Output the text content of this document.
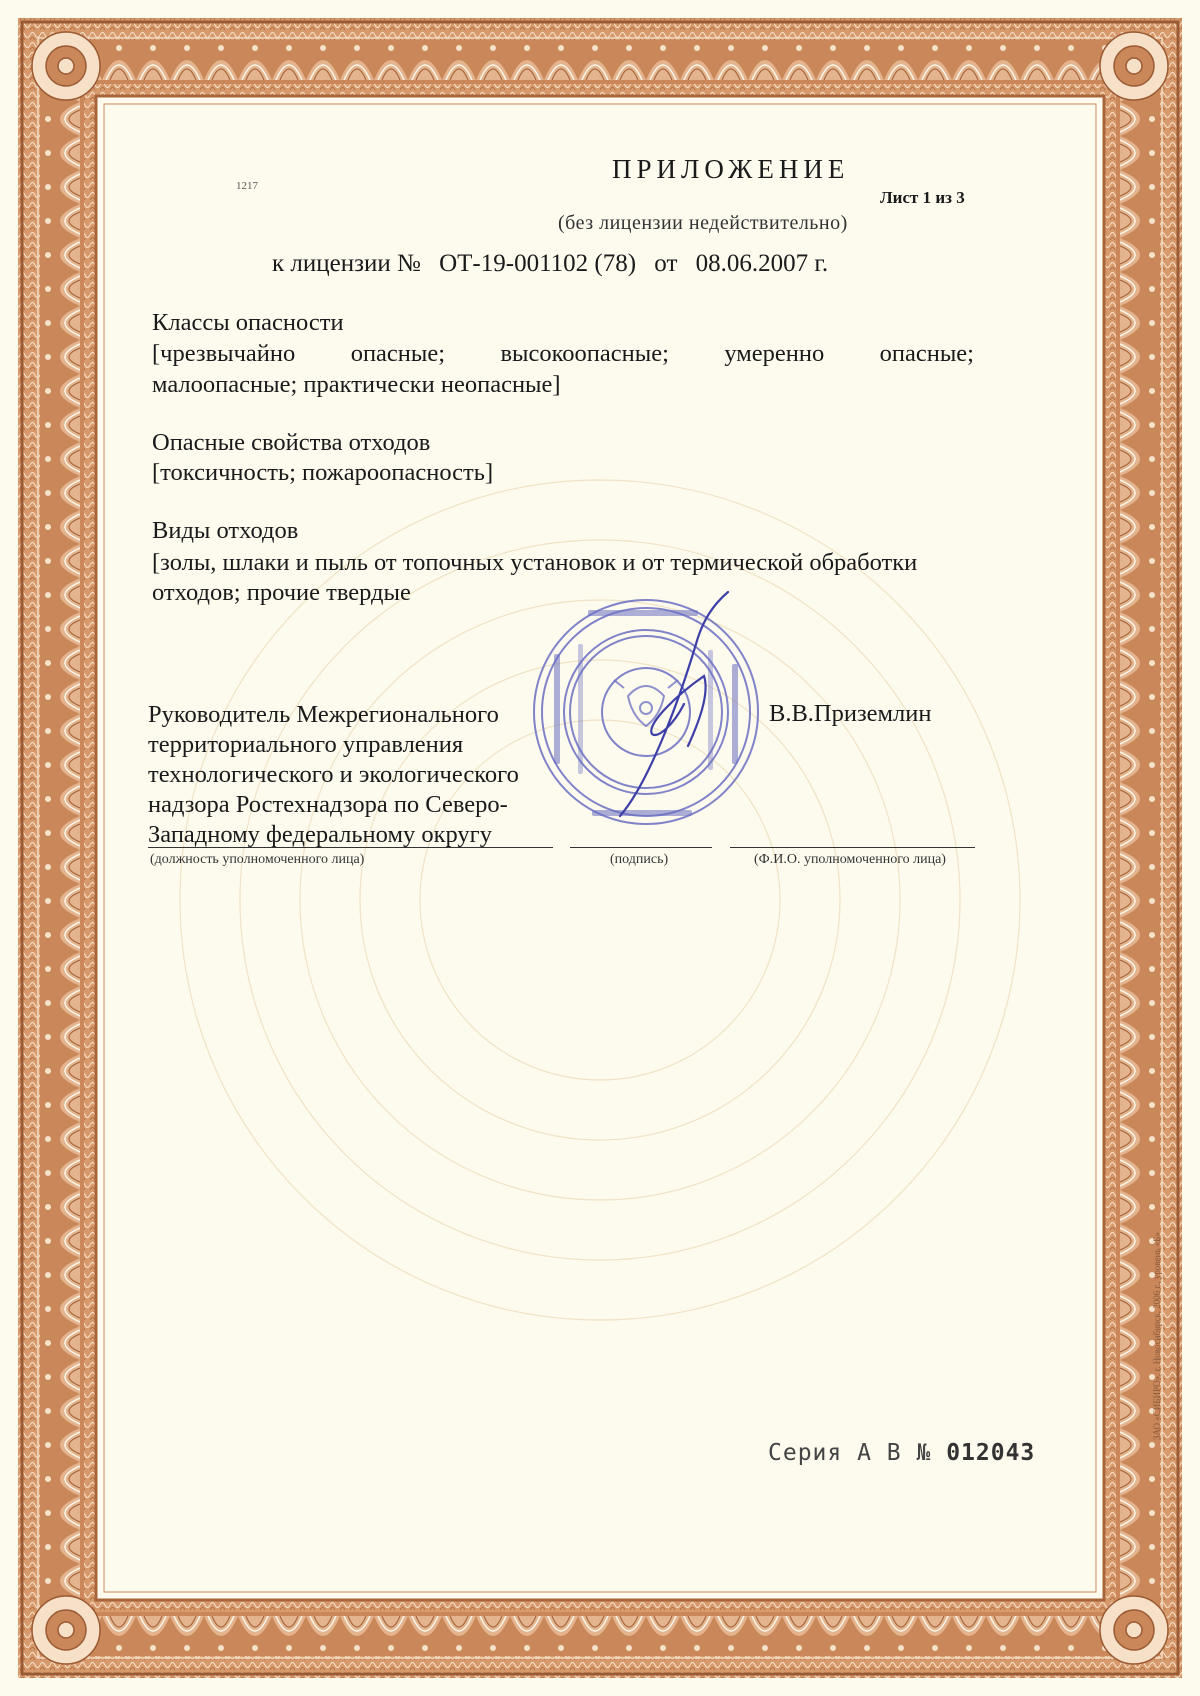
1217
ПРИЛОЖЕНИЕ
Лист 1 из 3
(без лицензии недействительно)
к лицензии № ОТ-19-001102 (78) от 08.06.2007 г.
Классы опасности
[чрезвычайно опасные; высокоопасные; умеренно опасные;
малоопасные; практически неопасные]
Опасные свойства отходов
[токсичность; пожароопасность]
Виды отходов
[золы, шлаки и пыль от топочных установок и от термической обработки
отходов; прочие твердые
Руководитель Межрегионального
территориального управления
технологического и экологического
надзора Ростехнадзора по Северо-
Западному федеральному округу
В.В.Приземлин
(должность уполномоченного лица)	(подпись)	(Ф.И.О. уполномоченного лица)
Серия А В № 012043
ЗАО «СИБИРО», г. Новосибирск, 2006 г., уровень «Б»
